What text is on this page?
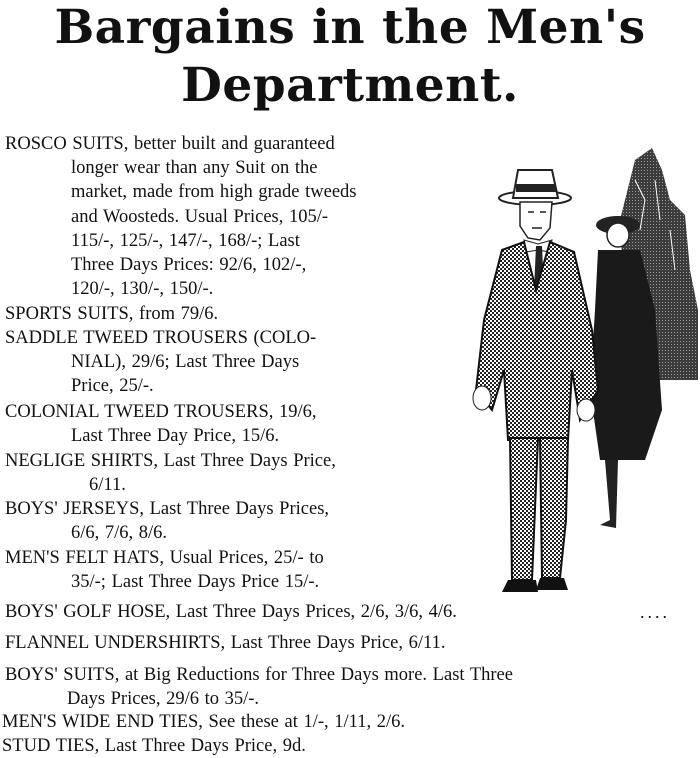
Bargains in the Men's
Department.

ROSCO SUITS, better built and guaranteed
longer wear than any Suit on the
market, made from high grade tweeds
and Woosteds. Usual Prices, 105/-
115/-, 125/-, 147/-, 168/-; Last
Three Days Prices: 92/6, 102/-,
120/-, 130/-, 150/-.

SPORTS SUITS, from 79/6.

SADDLE TWEED TROUSERS (COLO-
NIAL), 29/6; Last Three Days
Price, 25/-.

COLONIAL TWEED TROUSERS, 19/6,
Last Three Day Price, 15/6.

NEGLIGE SHIRTS, Last Three Days Price,
6/11.

BOYS' JERSEYS, Last Three Days Prices,
6/6, 7/6, 8/6.

MEN'S FELT HATS, Usual Prices, 25/- to
35/-; Last Three Days Price 15/-.

BOYS' GOLF HOSE, Last Three Days Prices, 2/6, 3/6, 4/6.

FLANNEL UNDERSHIRTS, Last Three Days Price, 6/11.

BOYS' SUITS, at Big Reductions for Three Days more. Last Three
Days Prices, 29/6 to 35/-.

MEN'S WIDE END TIES, See these at 1/-, 1/11, 2/6.

STUD TIES, Last Three Days Price, 9d.

....
